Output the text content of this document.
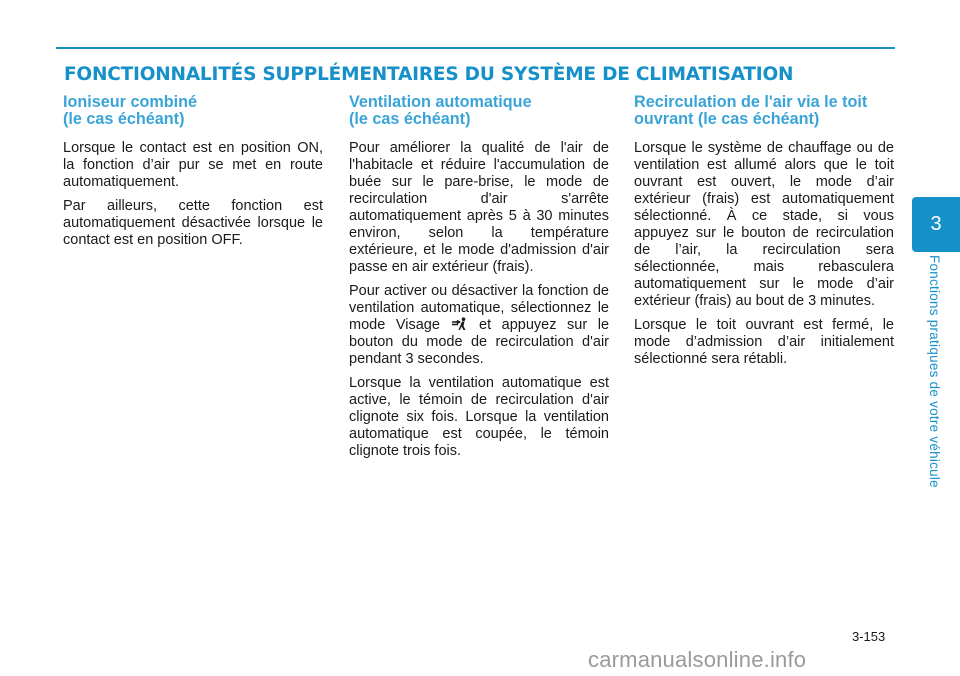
FONCTIONNALITÉS SUPPLÉMENTAIRES DU SYSTÈME DE CLIMATISATION
Ioniseur combiné
(le cas échéant)

Lorsque le contact est en position ON, la fonction d’air pur se met en route automatiquement.

Par ailleurs, cette fonction est automatiquement désactivée lorsque le contact est en position OFF.

Ventilation automatique
(le cas échéant)

Pour améliorer la qualité de l'air de l'habitacle et réduire l'accumulation de buée sur le pare-brise, le mode de recirculation d'air s'arrête automatiquement après 5 à 30 minutes environ, selon la température extérieure, et le mode d'admission d'air passe en air extérieur (frais).

Pour activer ou désactiver la fonction de ventilation automatique, sélectionnez le mode Visage	et appuyez sur le bouton du mode de recirculation d'air pendant 3 secondes.

Lorsque la ventilation automatique est active, le témoin de recirculation d'air clignote six fois. Lorsque la ventilation automatique est coupée, le témoin clignote trois fois.

Recirculation de l'air via le toit
ouvrant (le cas échéant)

Lorsque le système de chauffage ou de ventilation est allumé alors que le toit ouvrant est ouvert, le mode d’air extérieur (frais) est automatiquement sélectionné. À ce stade, si vous appuyez sur le bouton de recirculation de l’air, la recirculation sera sélectionnée, mais rebasculera automatiquement sur le mode d’air extérieur (frais) au bout de 3 minutes.

Lorsque le toit ouvrant est fermé, le mode d’admission d’air initialement sélectionné sera rétabli.

3
Fonctions pratiques de votre véhicule
3-153
carmanualsonline.info
